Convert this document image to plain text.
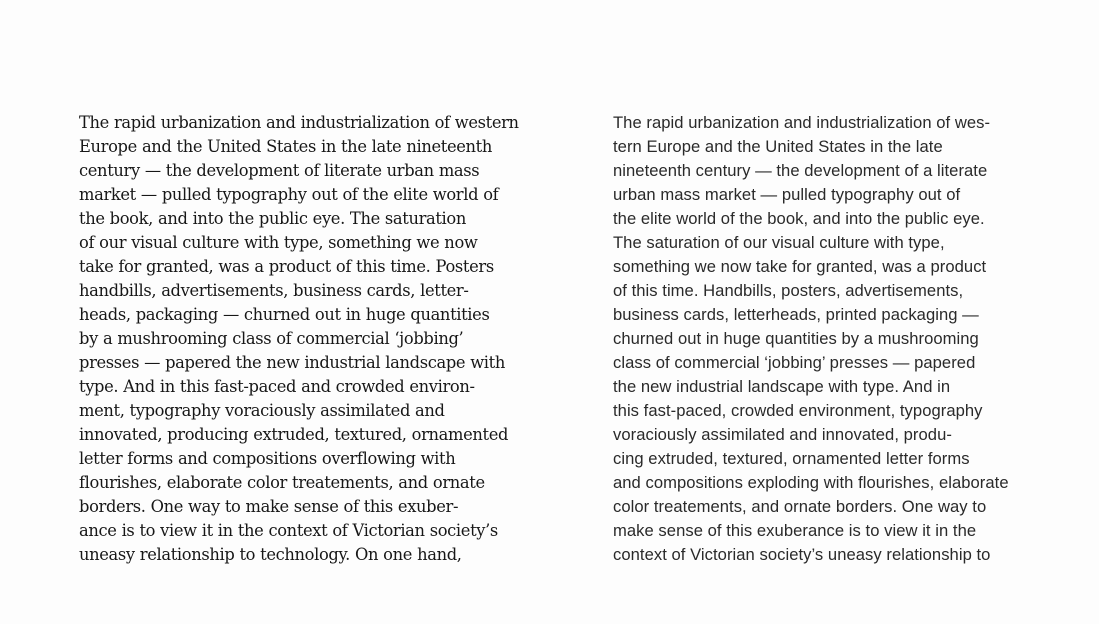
The rapid urbanization and industrialization of western
Europe and the United States in the late nineteenth
century — the development of literate urban mass
market — pulled typography out of the elite world of
the book, and into the public eye. The saturation
of our visual culture with type, something we now
take for granted, was a product of this time. Posters
handbills, advertisements, business cards, letter-
heads, packaging — churned out in huge quantities
by a mushrooming class of commercial ‘jobbing’
presses — papered the new industrial landscape with
type. And in this fast-paced and crowded environ-
ment, typography voraciously assimilated and
innovated, producing extruded, textured, ornamented
letter forms and compositions overflowing with
flourishes, elaborate color treatements, and ornate
borders. One way to make sense of this exuber-
ance is to view it in the context of Victorian society’s
uneasy relationship to technology. On one hand,
The rapid urbanization and industrialization of wes-
tern Europe and the United States in the late
nineteenth century — the development of a literate
urban mass market — pulled typography out of
the elite world of the book, and into the public eye.
The saturation of our visual culture with type,
something we now take for granted, was a product
of this time. Handbills, posters, advertisements,
business cards, letterheads, printed packaging —
churned out in huge quantities by a mushrooming
class of commercial ‘jobbing’ presses — papered
the new industrial landscape with type. And in
this fast-paced, crowded environment, typography
voraciously assimilated and innovated, produ-
cing extruded, textured, ornamented letter forms
and compositions exploding with flourishes, elaborate
color treatements, and ornate borders. One way to
make sense of this exuberance is to view it in the
context of Victorian society’s uneasy relationship to
